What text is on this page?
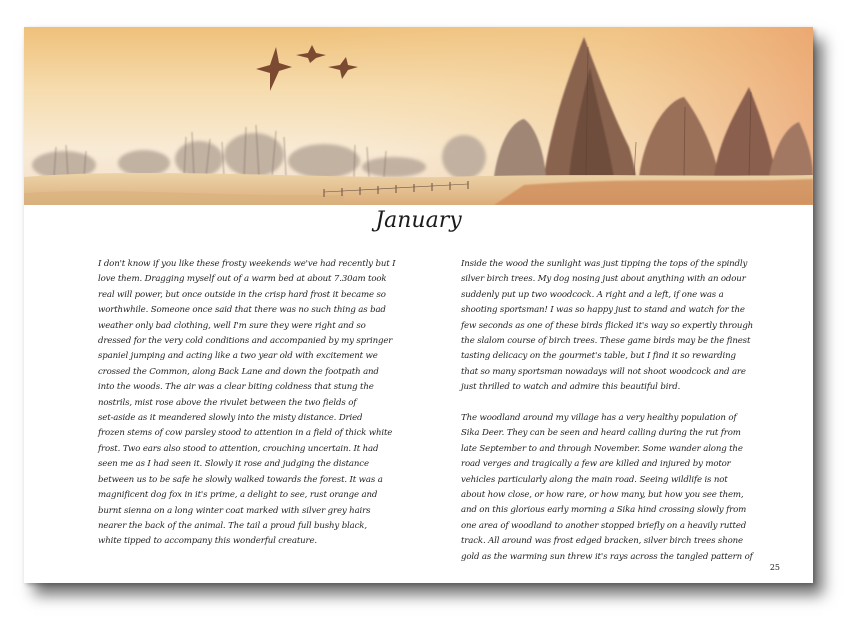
January

I don't know if you like these frosty weekends we've had recently but I
love them. Dragging myself out of a warm bed at about 7.30am took
real will power, but once outside in the crisp hard frost it became so
worthwhile. Someone once said that there was no such thing as bad
weather only bad clothing, well I'm sure they were right and so
dressed for the very cold conditions and accompanied by my springer
spaniel jumping and acting like a two year old with excitement we
crossed the Common, along Back Lane and down the footpath and
into the woods. The air was a clear biting coldness that stung the
nostrils, mist rose above the rivulet between the two fields of
set-aside as it meandered slowly into the misty distance. Dried
frozen stems of cow parsley stood to attention in a field of thick white
frost. Two ears also stood to attention, crouching uncertain. It had
seen me as I had seen it. Slowly it rose and judging the distance
between us to be safe he slowly walked towards the forest. It was a
magnificent dog fox in it's prime, a delight to see, rust orange and
burnt sienna on a long winter coat marked with silver grey hairs
nearer the back of the animal. The tail a proud full bushy black,
white tipped to accompany this wonderful creature.

Inside the wood the sunlight was just tipping the tops of the spindly
silver birch trees. My dog nosing just about anything with an odour
suddenly put up two woodcock. A right and a left, if one was a
shooting sportsman! I was so happy just to stand and watch for the
few seconds as one of these birds flicked it's way so expertly through
the slalom course of birch trees. These game birds may be the finest
tasting delicacy on the gourmet's table, but I find it so rewarding
that so many sportsman nowadays will not shoot woodcock and are
just thrilled to watch and admire this beautiful bird.

The woodland around my village has a very healthy population of
Sika Deer. They can be seen and heard calling during the rut from
late September to and through November. Some wander along the
road verges and tragically a few are killed and injured by motor
vehicles particularly along the main road. Seeing wildlife is not
about how close, or how rare, or how many, but how you see them,
and on this glorious early morning a Sika hind crossing slowly from
one area of woodland to another stopped briefly on a heavily rutted
track. All around was frost edged bracken, silver birch trees shone
gold as the warming sun threw it's rays across the tangled pattern of

25
